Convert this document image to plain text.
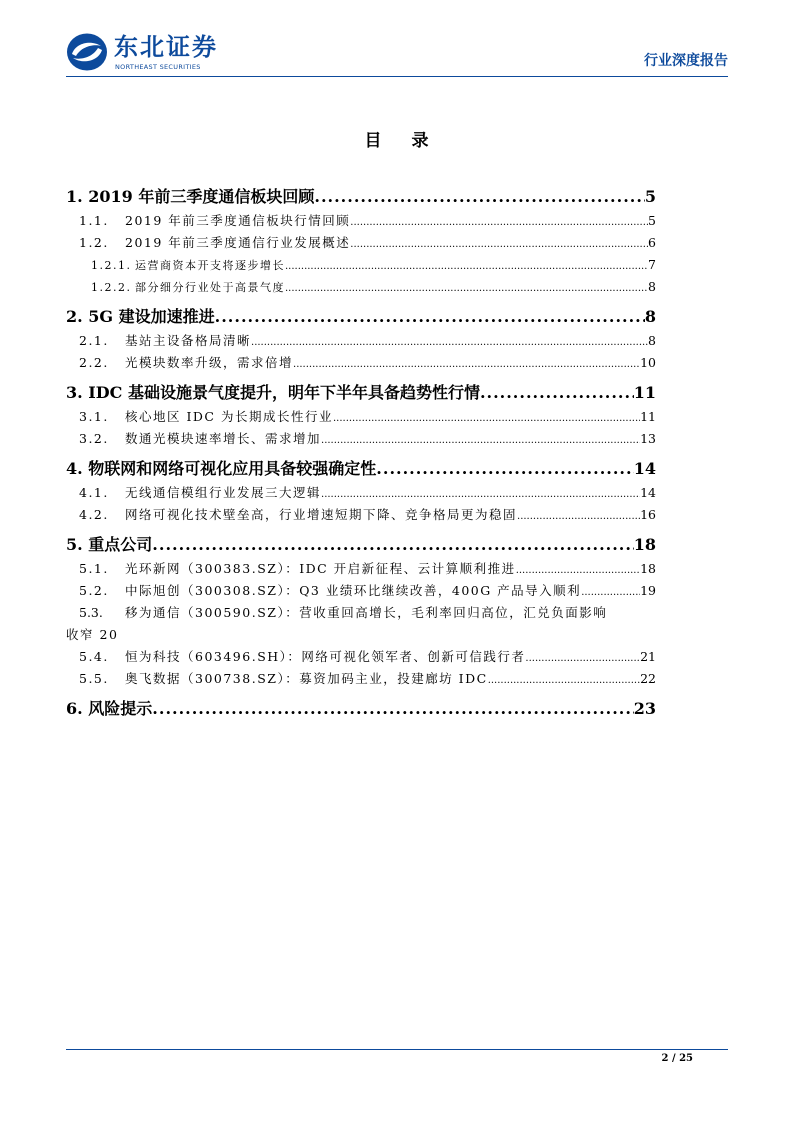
东北证券
NORTHEAST SECURITIES	行业深度报告
目 录
1. 2019 年前三季度通信板块回顾 .....	5
1.1. 2019 年前三季度通信板块行情回顾 .....	5
1.2. 2019 年前三季度通信行业发展概述 .....	6
1.2.1. 运营商资本开支将逐步增长 .....	7
1.2.2. 部分细分行业处于高景气度 .....	8
2. 5G 建设加速推进 .....	8
2.1. 基站主设备格局清晰 .....	8
2.2. 光模块数率升级，需求倍增 .....	10
3. IDC 基础设施景气度提升，明年下半年具备趋势性行情 .....	11
3.1. 核心地区 IDC 为长期成长性行业 .....	11
3.2. 数通光模块速率增长、需求增加 .....	13
4. 物联网和网络可视化应用具备较强确定性 .....	14
4.1. 无线通信模组行业发展三大逻辑 .....	14
4.2. 网络可视化技术壁垒高，行业增速短期下降、竞争格局更为稳固 .....	16
5. 重点公司 .....	18
5.1. 光环新网（300383.SZ）：IDC 开启新征程、云计算顺利推进 .....	18
5.2. 中际旭创（300308.SZ）：Q3 业绩环比继续改善，400G 产品导入顺利 .....	19
5.3. 移为通信（300590.SZ）：营收重回高增长，毛利率回归高位，汇兑负面影响
收窄 20
5.4. 恒为科技（603496.SH）：网络可视化领军者、创新可信践行者 .....	21
5.5. 奥飞数据（300738.SZ）：募资加码主业，投建廊坊 IDC .....	22
6. 风险提示 .....	23
2 / 25
